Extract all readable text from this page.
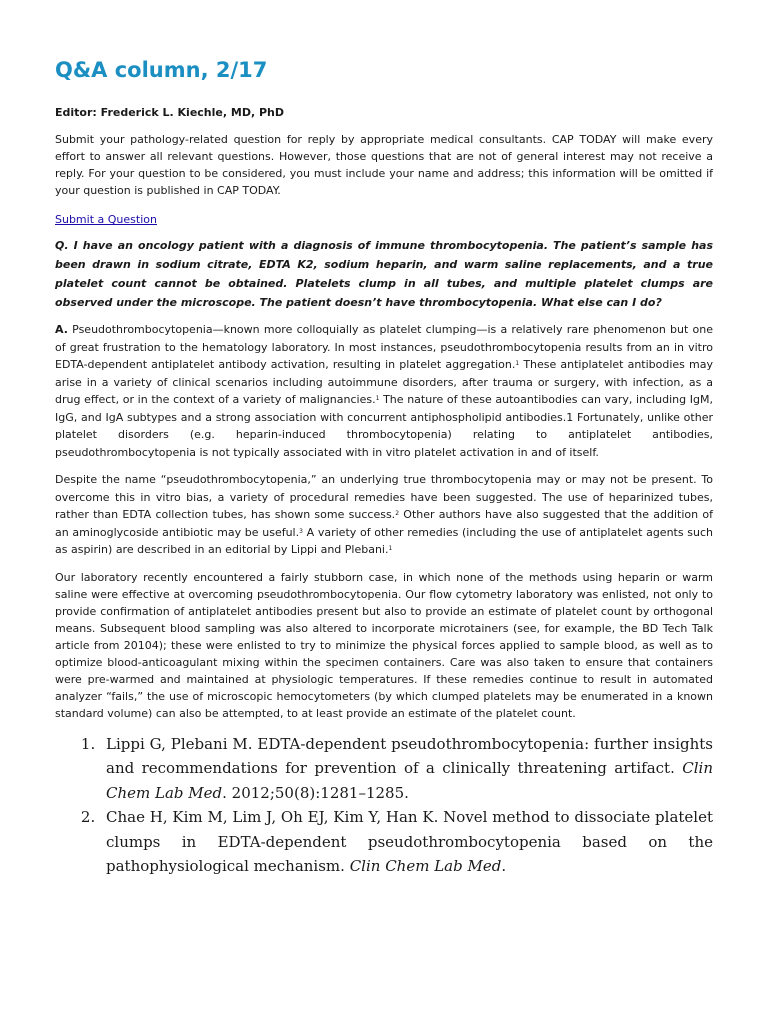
Q&A column, 2/17
Editor: Frederick L. Kiechle, MD, PhD

Submit your pathology-related question for reply by appropriate medical consultants. CAP TODAY will make every effort to answer all relevant questions. However, those questions that are not of general interest may not receive a reply. For your question to be considered, you must include your name and address; this information will be omitted if your question is published in CAP TODAY.

Submit a Question

Q. I have an oncology patient with a diagnosis of immune thrombocytopenia. The patient’s sample has been drawn in sodium citrate, EDTA K2, sodium heparin, and warm saline replacements, and a true platelet count cannot be obtained. Platelets clump in all tubes, and multiple platelet clumps are observed under the microscope. The patient doesn’t have thrombocytopenia. What else can I do?

A. Pseudothrombocytopenia—known more colloquially as platelet clumping—is a relatively rare phenomenon but one of great frustration to the hematology laboratory. In most instances, pseudothrombocytopenia results from an in vitro EDTA-dependent antiplatelet antibody activation, resulting in platelet aggregation.$^1$ These antiplatelet antibodies may arise in a variety of clinical scenarios including autoimmune disorders, after trauma or surgery, with infection, as a drug effect, or in the context of a variety of malignancies.$^1$ The nature of these autoantibodies can vary, including IgM, IgG, and IgA subtypes and a strong association with concurrent antiphospholipid antibodies.1 Fortunately, unlike other platelet disorders (e.g. heparin-induced thrombocytopenia) relating to antiplatelet antibodies, pseudothrombocytopenia is not typically associated with in vitro platelet activation in and of itself.

Despite the name “pseudothrombocytopenia,” an underlying true thrombocytopenia may or may not be present. To overcome this in vitro bias, a variety of procedural remedies have been suggested. The use of heparinized tubes, rather than EDTA collection tubes, has shown some success.$^2$ Other authors have also suggested that the addition of an aminoglycoside antibiotic may be useful.$^3$ A variety of other remedies (including the use of antiplatelet agents such as aspirin) are described in an editorial by Lippi and Plebani.$^1$

Our laboratory recently encountered a fairly stubborn case, in which none of the methods using heparin or warm saline were effective at overcoming pseudothrombocytopenia. Our flow cytometry laboratory was enlisted, not only to provide confirmation of antiplatelet antibodies present but also to provide an estimate of platelet count by orthogonal means. Subsequent blood sampling was also altered to incorporate microtainers (see, for example, the BD Tech Talk article from 20104); these were enlisted to try to minimize the physical forces applied to sample blood, as well as to optimize blood-anticoagulant mixing within the specimen containers. Care was also taken to ensure that containers were pre-warmed and maintained at physiologic temperatures. If these remedies continue to result in automated analyzer “fails,” the use of microscopic hemocytometers (by which clumped platelets may be enumerated in a known standard volume) can also be attempted, to at least provide an estimate of the platelet count.

1. Lippi G, Plebani M. EDTA-dependent pseudothrombocytopenia: further insights and recommendations for prevention of a clinically threatening artifact. Clin Chem Lab Med. 2012;50(8):1281–1285.
2. Chae H, Kim M, Lim J, Oh EJ, Kim Y, Han K. Novel method to dissociate platelet clumps in EDTA-dependent pseudothrombocytopenia based on the pathophysiological mechanism. Clin Chem Lab Med.
